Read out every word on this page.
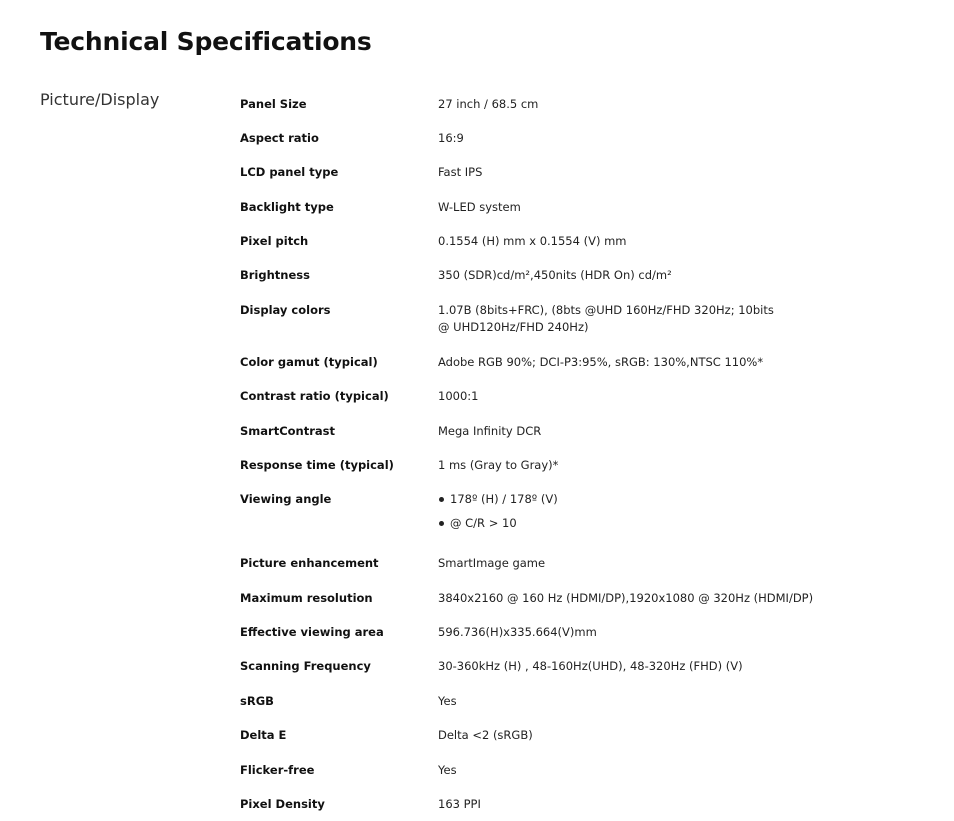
Technical Specifications
Picture/Display	Panel Size	27 inch / 68.5 cm
Aspect ratio	16:9
LCD panel type	Fast IPS
Backlight type	W-LED system
Pixel pitch	0.1554 (H) mm x 0.1554 (V) mm
Brightness	350 (SDR)cd/m²,450nits (HDR On) cd/m²
Display colors	1.07B (8bits+FRC), (8bts @UHD 160Hz/FHD 320Hz; 10bits @ UHD120Hz/FHD 240Hz)
Color gamut (typical)	Adobe RGB 90%; DCI-P3:95%, sRGB: 130%,NTSC 110%*
Contrast ratio (typical)	1000:1
SmartContrast	Mega Infinity DCR
Response time (typical)	1 ms (Gray to Gray)*
Viewing angle	178º (H) / 178º (V)
@ C/R > 10
Picture enhancement	SmartImage game
Maximum resolution	3840x2160 @ 160 Hz (HDMI/DP),1920x1080 @ 320Hz (HDMI/DP)
Effective viewing area	596.736(H)x335.664(V)mm
Scanning Frequency	30-360kHz (H) , 48-160Hz(UHD), 48-320Hz (FHD) (V)
sRGB	Yes
Delta E	Delta <2 (sRGB)
Flicker-free	Yes
Pixel Density	163 PPI
